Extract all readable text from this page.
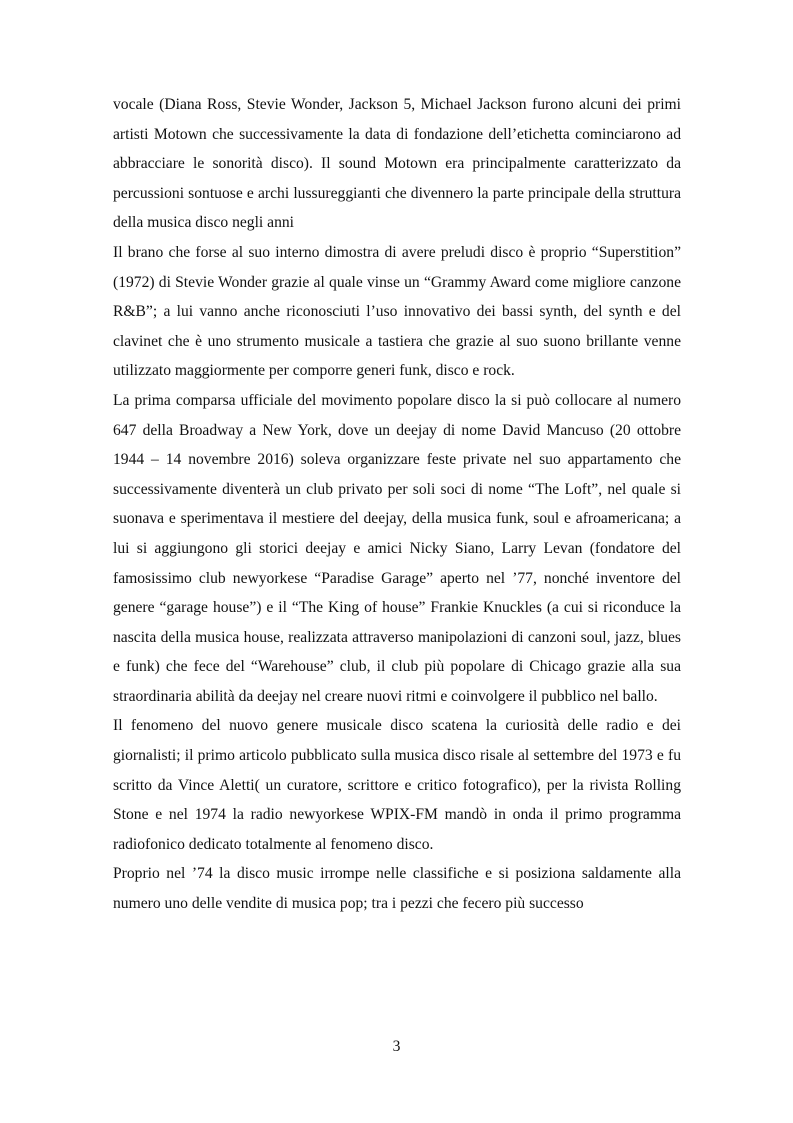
vocale (Diana Ross, Stevie Wonder, Jackson 5, Michael Jackson furono alcuni dei primi artisti Motown che successivamente la data di fondazione dell’etichetta cominciarono ad abbracciare le sonorità disco). Il sound Motown era principalmente caratterizzato da percussioni sontuose e archi lussureggianti che divennero la parte principale della struttura della musica disco negli anni

Il brano che forse al suo interno dimostra di avere preludi disco è proprio “Superstition” (1972) di Stevie Wonder grazie al quale vinse un “Grammy Award come migliore canzone R&B”; a lui vanno anche riconosciuti l’uso innovativo dei bassi synth, del synth e del clavinet che è uno strumento musicale a tastiera che grazie al suo suono brillante venne utilizzato maggiormente per comporre generi funk, disco e rock.

La prima comparsa ufficiale del movimento popolare disco la si può collocare al numero 647 della Broadway a New York, dove un deejay di nome David Mancuso (20 ottobre 1944 – 14 novembre 2016) soleva organizzare feste private nel suo appartamento che successivamente diventerà un club privato per soli soci di nome “The Loft”, nel quale si suonava e sperimentava il mestiere del deejay, della musica funk, soul e afroamericana; a lui si aggiungono gli storici deejay e amici Nicky Siano, Larry Levan (fondatore del famosissimo club newyorkese “Paradise Garage” aperto nel ’77, nonché inventore del genere “garage house”) e il “The King of house” Frankie Knuckles (a cui si riconduce la nascita della musica house, realizzata attraverso manipolazioni di canzoni soul, jazz, blues e funk) che fece del “Warehouse” club, il club più popolare di Chicago grazie alla sua straordinaria abilità da deejay nel creare nuovi ritmi e coinvolgere il pubblico nel ballo.

Il fenomeno del nuovo genere musicale disco scatena la curiosità delle radio e dei giornalisti; il primo articolo pubblicato sulla musica disco risale al settembre del 1973 e fu scritto da Vince Aletti( un curatore, scrittore e critico fotografico), per la rivista Rolling Stone e nel 1974 la radio newyorkese WPIX-FM mandò in onda il primo programma radiofonico dedicato totalmente al fenomeno disco.

Proprio nel ’74 la disco music irrompe nelle classifiche e si posiziona saldamente alla numero uno delle vendite di musica pop; tra i pezzi che fecero più successo

3
